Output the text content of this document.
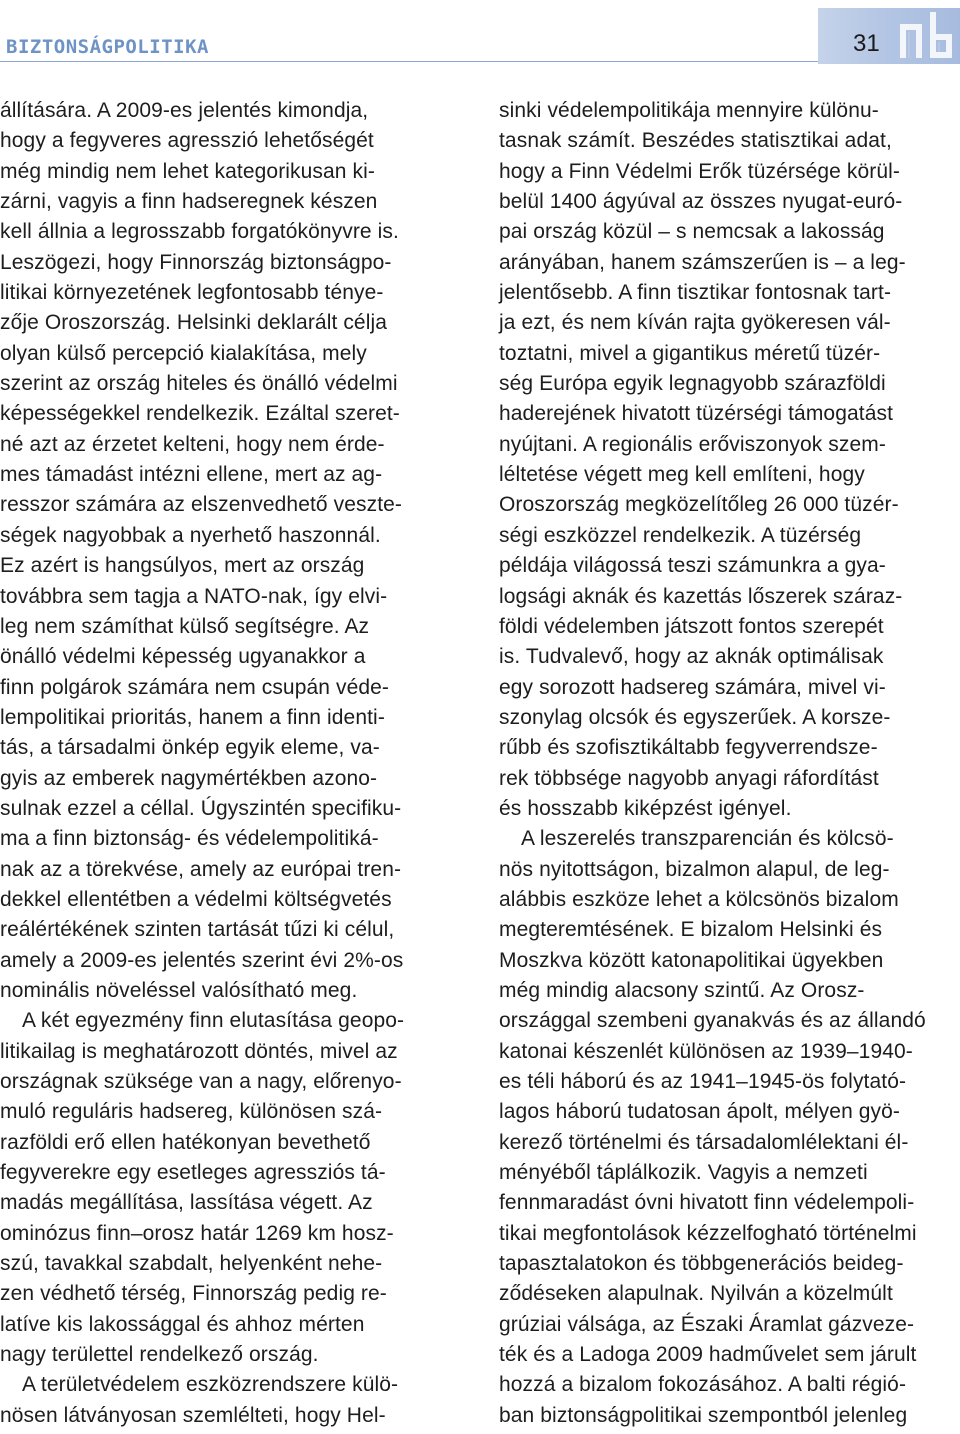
BIZTONSÁGPOLITIKA	31

állítására. A 2009-es jelentés kimondja,
hogy a fegyveres agresszió lehetőségét
még mindig nem lehet kategorikusan ki-
zárni, vagyis a finn hadseregnek készen
kell állnia a legrosszabb forgatókönyvre is.
Leszögezi, hogy Finnország biztonságpo-
litikai környezetének legfontosabb ténye-
zője Oroszország. Helsinki deklarált célja
olyan külső percepció kialakítása, mely
szerint az ország hiteles és önálló védelmi
képességekkel rendelkezik. Ezáltal szeret-
né azt az érzetet kelteni, hogy nem érde-
mes támadást intézni ellene, mert az ag-
resszor számára az elszenvedhető veszte-
ségek nagyobbak a nyerhető haszonnál.
Ez azért is hangsúlyos, mert az ország
továbbra sem tagja a NATO-nak, így elvi-
leg nem számíthat külső segítségre. Az
önálló védelmi képesség ugyanakkor a
finn polgárok számára nem csupán véde-
lempolitikai prioritás, hanem a finn identi-
tás, a társadalmi önkép egyik eleme, va-
gyis az emberek nagymértékben azono-
sulnak ezzel a céllal. Úgyszintén specifiku-
ma a finn biztonság- és védelempolitiká-
nak az a törekvése, amely az európai tren-
dekkel ellentétben a védelmi költségvetés
reálértékének szinten tartását tűzi ki célul,
amely a 2009-es jelentés szerint évi 2%-os
nominális növeléssel valósítható meg.

A két egyezmény finn elutasítása geopo-
litikailag is meghatározott döntés, mivel az
országnak szüksége van a nagy, előrenyo-
muló reguláris hadsereg, különösen szá-
razföldi erő ellen hatékonyan bevethető
fegyverekre egy esetleges agressziós tá-
madás megállítása, lassítása végett. Az
ominózus finn–orosz határ 1269 km hosz-
szú, tavakkal szabdalt, helyenként nehe-
zen védhető térség, Finnország pedig re-
latíve kis lakossággal és ahhoz mérten
nagy területtel rendelkező ország.

A területvédelem eszközrendszere külö-
nösen látványosan szemlélteti, hogy Hel-

sinki védelempolitikája mennyire különu-
tasnak számít. Beszédes statisztikai adat,
hogy a Finn Védelmi Erők tüzérsége körül-
belül 1400 ágyúval az összes nyugat-euró-
pai ország közül – s nemcsak a lakosság
arányában, hanem számszerűen is – a leg-
jelentősebb. A finn tisztikar fontosnak tart-
ja ezt, és nem kíván rajta gyökeresen vál-
toztatni, mivel a gigantikus méretű tüzér-
ség Európa egyik legnagyobb szárazföldi
haderejének hivatott tüzérségi támogatást
nyújtani. A regionális erőviszonyok szem-
léltetése végett meg kell említeni, hogy
Oroszország megközelítőleg 26 000 tüzér-
ségi eszközzel rendelkezik. A tüzérség
példája világossá teszi számunkra a gya-
logsági aknák és kazettás lőszerek száraz-
földi védelemben játszott fontos szerepét
is. Tudvalevő, hogy az aknák optimálisak
egy sorozott hadsereg számára, mivel vi-
szonylag olcsók és egyszerűek. A korsze-
rűbb és szofisztikáltabb fegyverrendsze-
rek többsége nagyobb anyagi ráfordítást
és hosszabb kiképzést igényel.

A leszerelés transzparencián és kölcsö-
nös nyitottságon, bizalmon alapul, de leg-
alábbis eszköze lehet a kölcsönös bizalom
megteremtésének. E bizalom Helsinki és
Moszkva között katonapolitikai ügyekben
még mindig alacsony szintű. Az Orosz-
országgal szembeni gyanakvás és az állandó
katonai készenlét különösen az 1939–1940-
es téli háború és az 1941–1945-ös folytató-
lagos háború tudatosan ápolt, mélyen gyö-
kerező történelmi és társadalomlélektani él-
ményéből táplálkozik. Vagyis a nemzeti
fennmaradást óvni hivatott finn védelempoli-
tikai megfontolások kézzelfogható történelmi
tapasztalatokon és többgenerációs beideg-
ződéseken alapulnak. Nyilván a közelmúlt
grúziai válsága, az Északi Áramlat gázveze-
ték és a Ladoga 2009 hadművelet sem járult
hozzá a bizalom fokozásához. A balti régió-
ban biztonságpolitikai szempontból jelenleg
